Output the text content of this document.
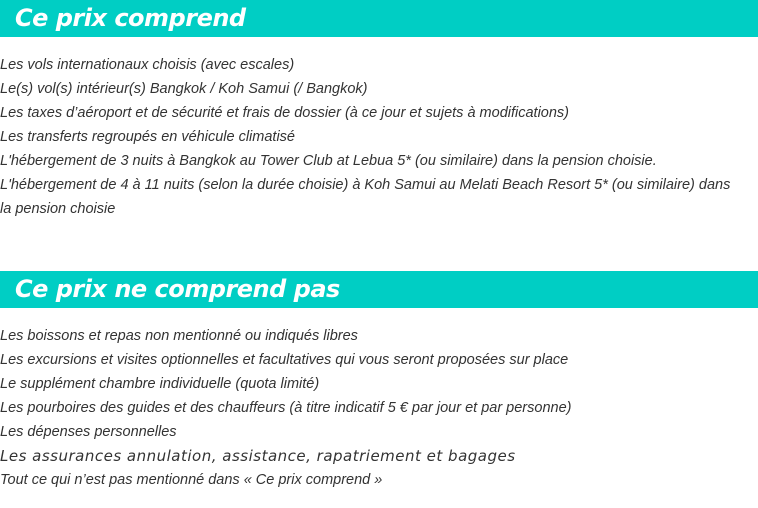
Ce prix comprend
Les vols internationaux choisis (avec escales)
Le(s) vol(s) intérieur(s) Bangkok / Koh Samui (/ Bangkok)
Les taxes d’aéroport et de sécurité et frais de dossier (à ce jour et sujets à modifications)
Les transferts regroupés en véhicule climatisé
L'hébergement de 3 nuits à Bangkok au Tower Club at Lebua 5* (ou similaire) dans la pension choisie.
L'hébergement de 4 à 11 nuits (selon la durée choisie) à Koh Samui au Melati Beach Resort 5* (ou similaire) dans la pension choisie
Ce prix ne comprend pas
Les boissons et repas non mentionné ou indiqués libres
Les excursions et visites optionnelles et facultatives qui vous seront proposées sur place
Le supplément chambre individuelle (quota limité)
Les pourboires des guides et des chauffeurs (à titre indicatif 5 € par jour et par personne)
Les dépenses personnelles
Les assurances annulation, assistance, rapatriement et bagages
Tout ce qui n’est pas mentionné dans « Ce prix comprend »
